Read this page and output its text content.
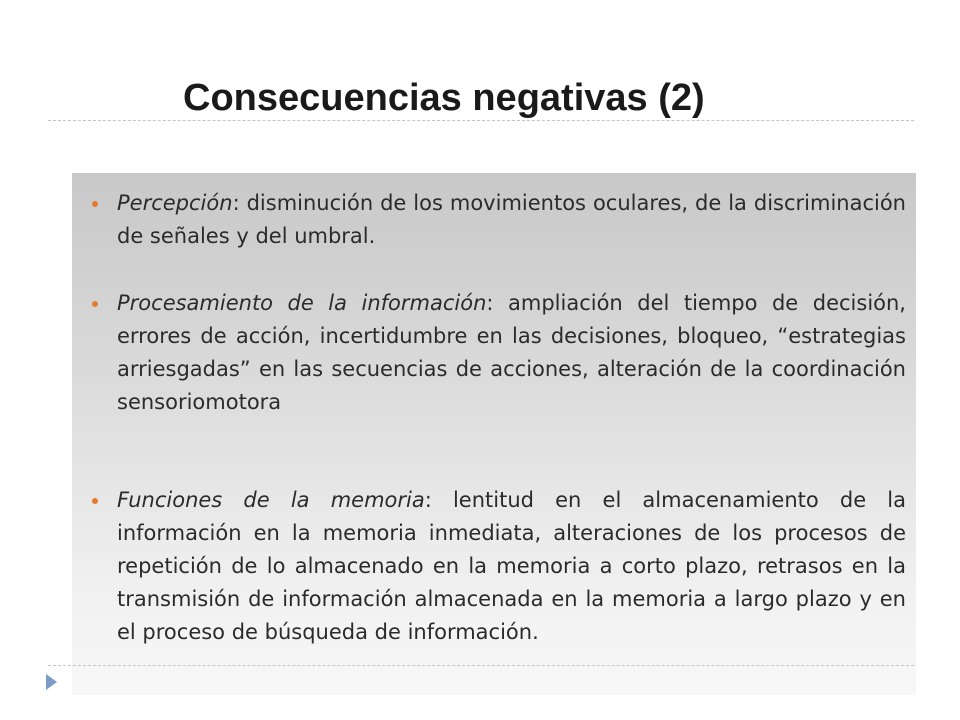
Consecuencias negativas (2)
Percepción: disminución de los movimientos oculares, de la discriminación de señales y del umbral.
Procesamiento de la información: ampliación del tiempo de decisión, errores de acción, incertidumbre en las decisiones, bloqueo, “estrategias arriesgadas” en las secuencias de acciones, alteración de la coordinación sensoriomotora
Funciones de la memoria: lentitud en el almacenamiento de la información en la memoria inmediata, alteraciones de los procesos de repetición de lo almacenado en la memoria a corto plazo, retrasos en la transmisión de información almacenada en la memoria a largo plazo y en el proceso de búsqueda de información.
